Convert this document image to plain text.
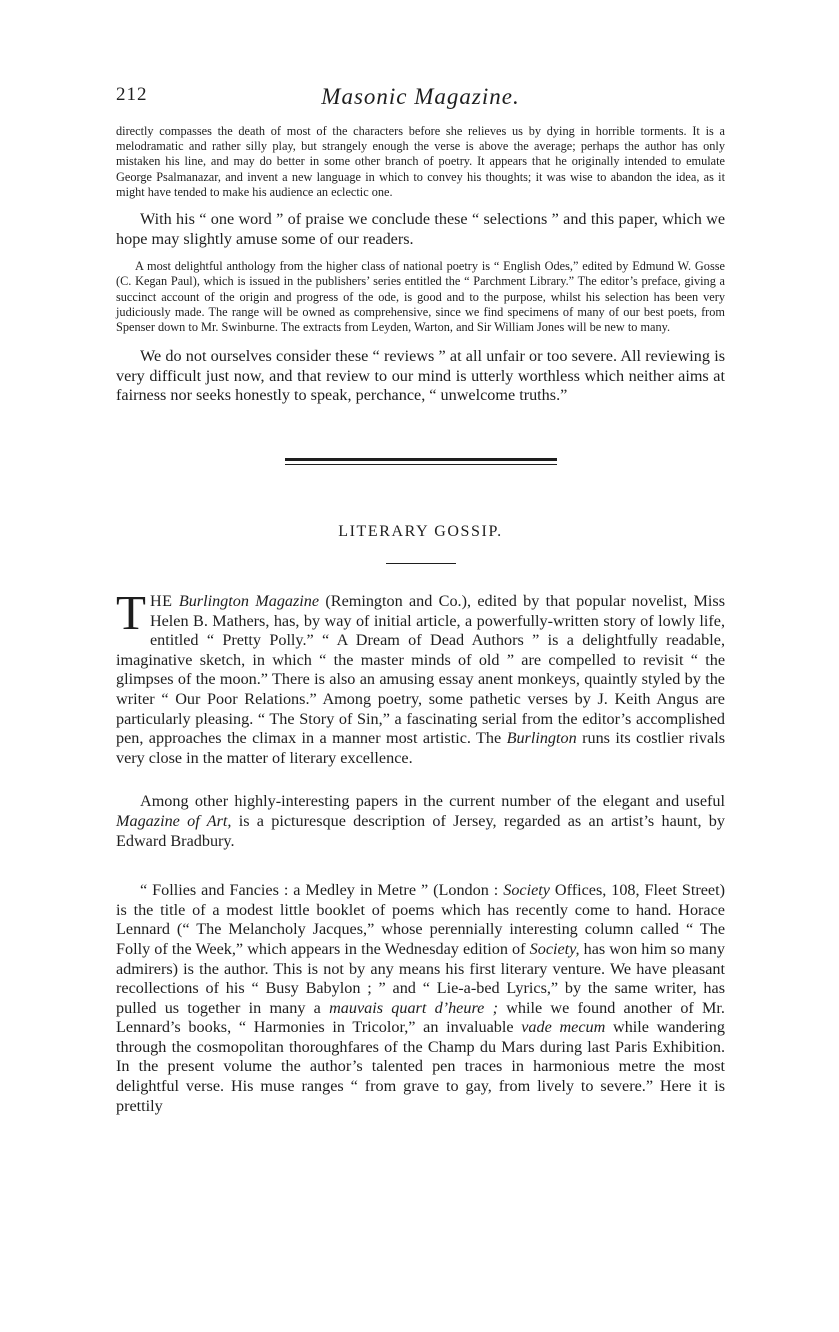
212	Masonic Magazine.

directly compasses the death of most of the characters before she relieves us by dying in horrible torments. It is a melodramatic and rather silly play, but strangely enough the verse is above the average; perhaps the author has only mistaken his line, and may do better in some other branch of poetry. It appears that he originally intended to emulate George Psalmanazar, and invent a new language in which to convey his thoughts; it was wise to abandon the idea, as it might have tended to make his audience an eclectic one.

With his “ one word ” of praise we conclude these “ selections ” and this paper, which we hope may slightly amuse some of our readers.

A most delightful anthology from the higher class of national poetry is “ English Odes,” edited by Edmund W. Gosse (C. Kegan Paul), which is issued in the publishers’ series entitled the “ Parchment Library.” The editor’s preface, giving a succinct account of the origin and progress of the ode, is good and to the purpose, whilst his selection has been very judiciously made. The range will be owned as comprehensive, since we find specimens of many of our best poets, from Spenser down to Mr. Swinburne. The extracts from Leyden, Warton, and Sir William Jones will be new to many.

We do not ourselves consider these “ reviews ” at all unfair or too severe. All reviewing is very difficult just now, and that review to our mind is utterly worthless which neither aims at fairness nor seeks honestly to speak, perchance, “ unwelcome truths.”

LITERARY GOSSIP.

THE Burlington Magazine (Remington and Co.), edited by that popular novelist, Miss Helen B. Mathers, has, by way of initial article, a powerfully-written story of lowly life, entitled “ Pretty Polly.” “ A Dream of Dead Authors ” is a delightfully readable, imaginative sketch, in which “ the master minds of old ” are compelled to revisit “ the glimpses of the moon.” There is also an amusing essay anent monkeys, quaintly styled by the writer “ Our Poor Relations.” Among poetry, some pathetic verses by J. Keith Angus are particularly pleasing. “ The Story of Sin,” a fascinating serial from the editor’s accomplished pen, approaches the climax in a manner most artistic. The Burlington runs its costlier rivals very close in the matter of literary excellence.

Among other highly-interesting papers in the current number of the elegant and useful Magazine of Art, is a picturesque description of Jersey, regarded as an artist’s haunt, by Edward Bradbury.

“ Follies and Fancies : a Medley in Metre ” (London : Society Offices, 108, Fleet Street) is the title of a modest little booklet of poems which has recently come to hand. Horace Lennard (“ The Melancholy Jacques,” whose perennially interesting column called “ The Folly of the Week,” which appears in the Wednesday edition of Society, has won him so many admirers) is the author. This is not by any means his first literary venture. We have pleasant recollections of his “ Busy Babylon ; ” and “ Lie-a-bed Lyrics,” by the same writer, has pulled us together in many a mauvais quart d’heure ; while we found another of Mr. Lennard’s books, “ Harmonies in Tricolor,” an invaluable vade mecum while wandering through the cosmopolitan thoroughfares of the Champ du Mars during last Paris Exhibition. In the present volume the author’s talented pen traces in harmonious metre the most delightful verse. His muse ranges “ from grave to gay, from lively to severe.” Here it is prettily
